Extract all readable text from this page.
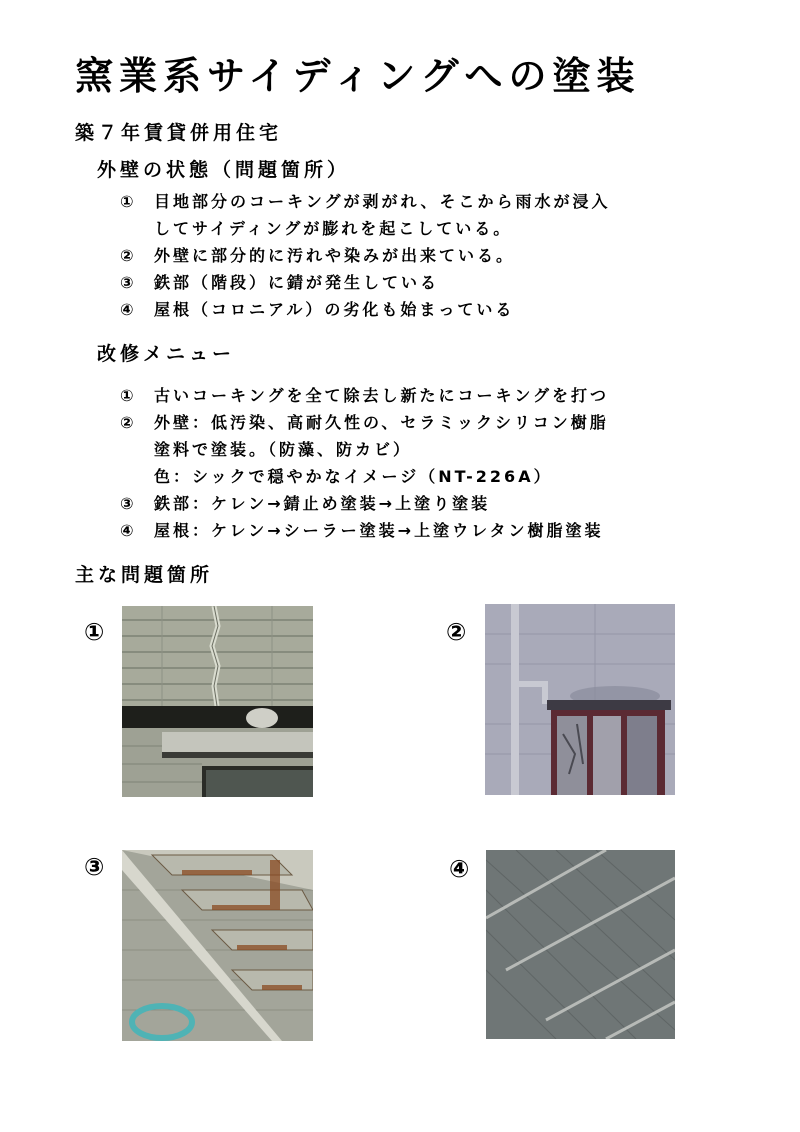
窯業系サイディングへの塗装
築７年賃貸併用住宅
外壁の状態（問題箇所）
①	目地部分のコーキングが剥がれ、そこから雨水が浸入
してサイディングが膨れを起こしている。
②	外壁に部分的に汚れや染みが出来ている。
③	鉄部（階段）に錆が発生している
④	屋根（コロニアル）の劣化も始まっている
改修メニュー
①	古いコーキングを全て除去し新たにコーキングを打つ
②	外壁：低汚染、高耐久性の、セラミックシリコン樹脂
塗料で塗装。（防藻、防カビ）
色：シックで穏やかなイメージ（NT-226A）
③	鉄部：ケレン→錆止め塗装→上塗り塗装
④	屋根：ケレン→シーラー塗装→上塗ウレタン樹脂塗装
主な問題箇所
①	②
③	④
